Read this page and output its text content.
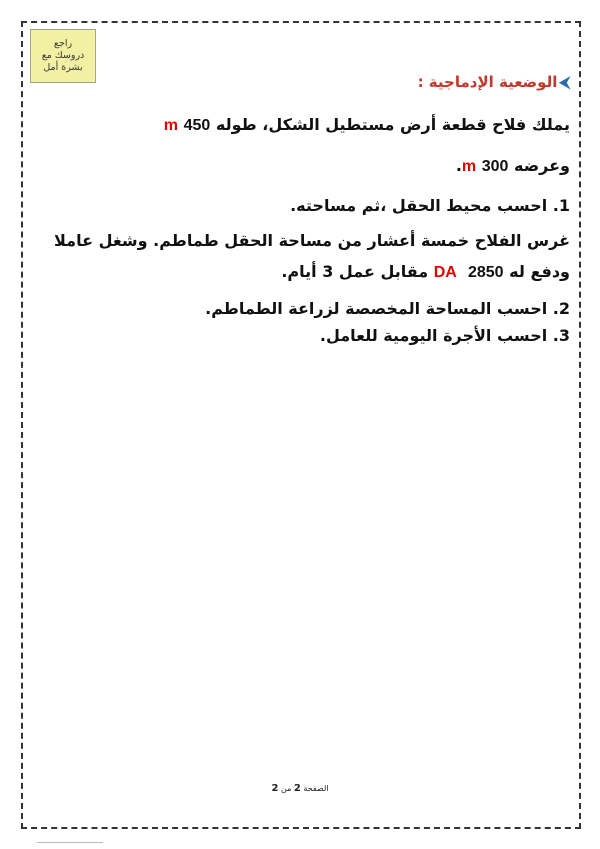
راجع
دروسك مع
بشرة أمل
⮜الوضعية الإدماجية :
يملك فلاح قطعة أرض مستطيل الشكل، طوله m 450
وعرضه m 300.
1. احسب محيط الحقل ،ثم مساحته.
غرس الفلاح خمسة أعشار من مساحة الحقل طماطم. وشغل عاملا
ودفع له DA 2850 مقابل عمل 3 أيام.
2. احسب المساحة المخصصة لزراعة الطماطم.
3. احسب الأجرة اليومية للعامل.
الصفحة 2 من 2
